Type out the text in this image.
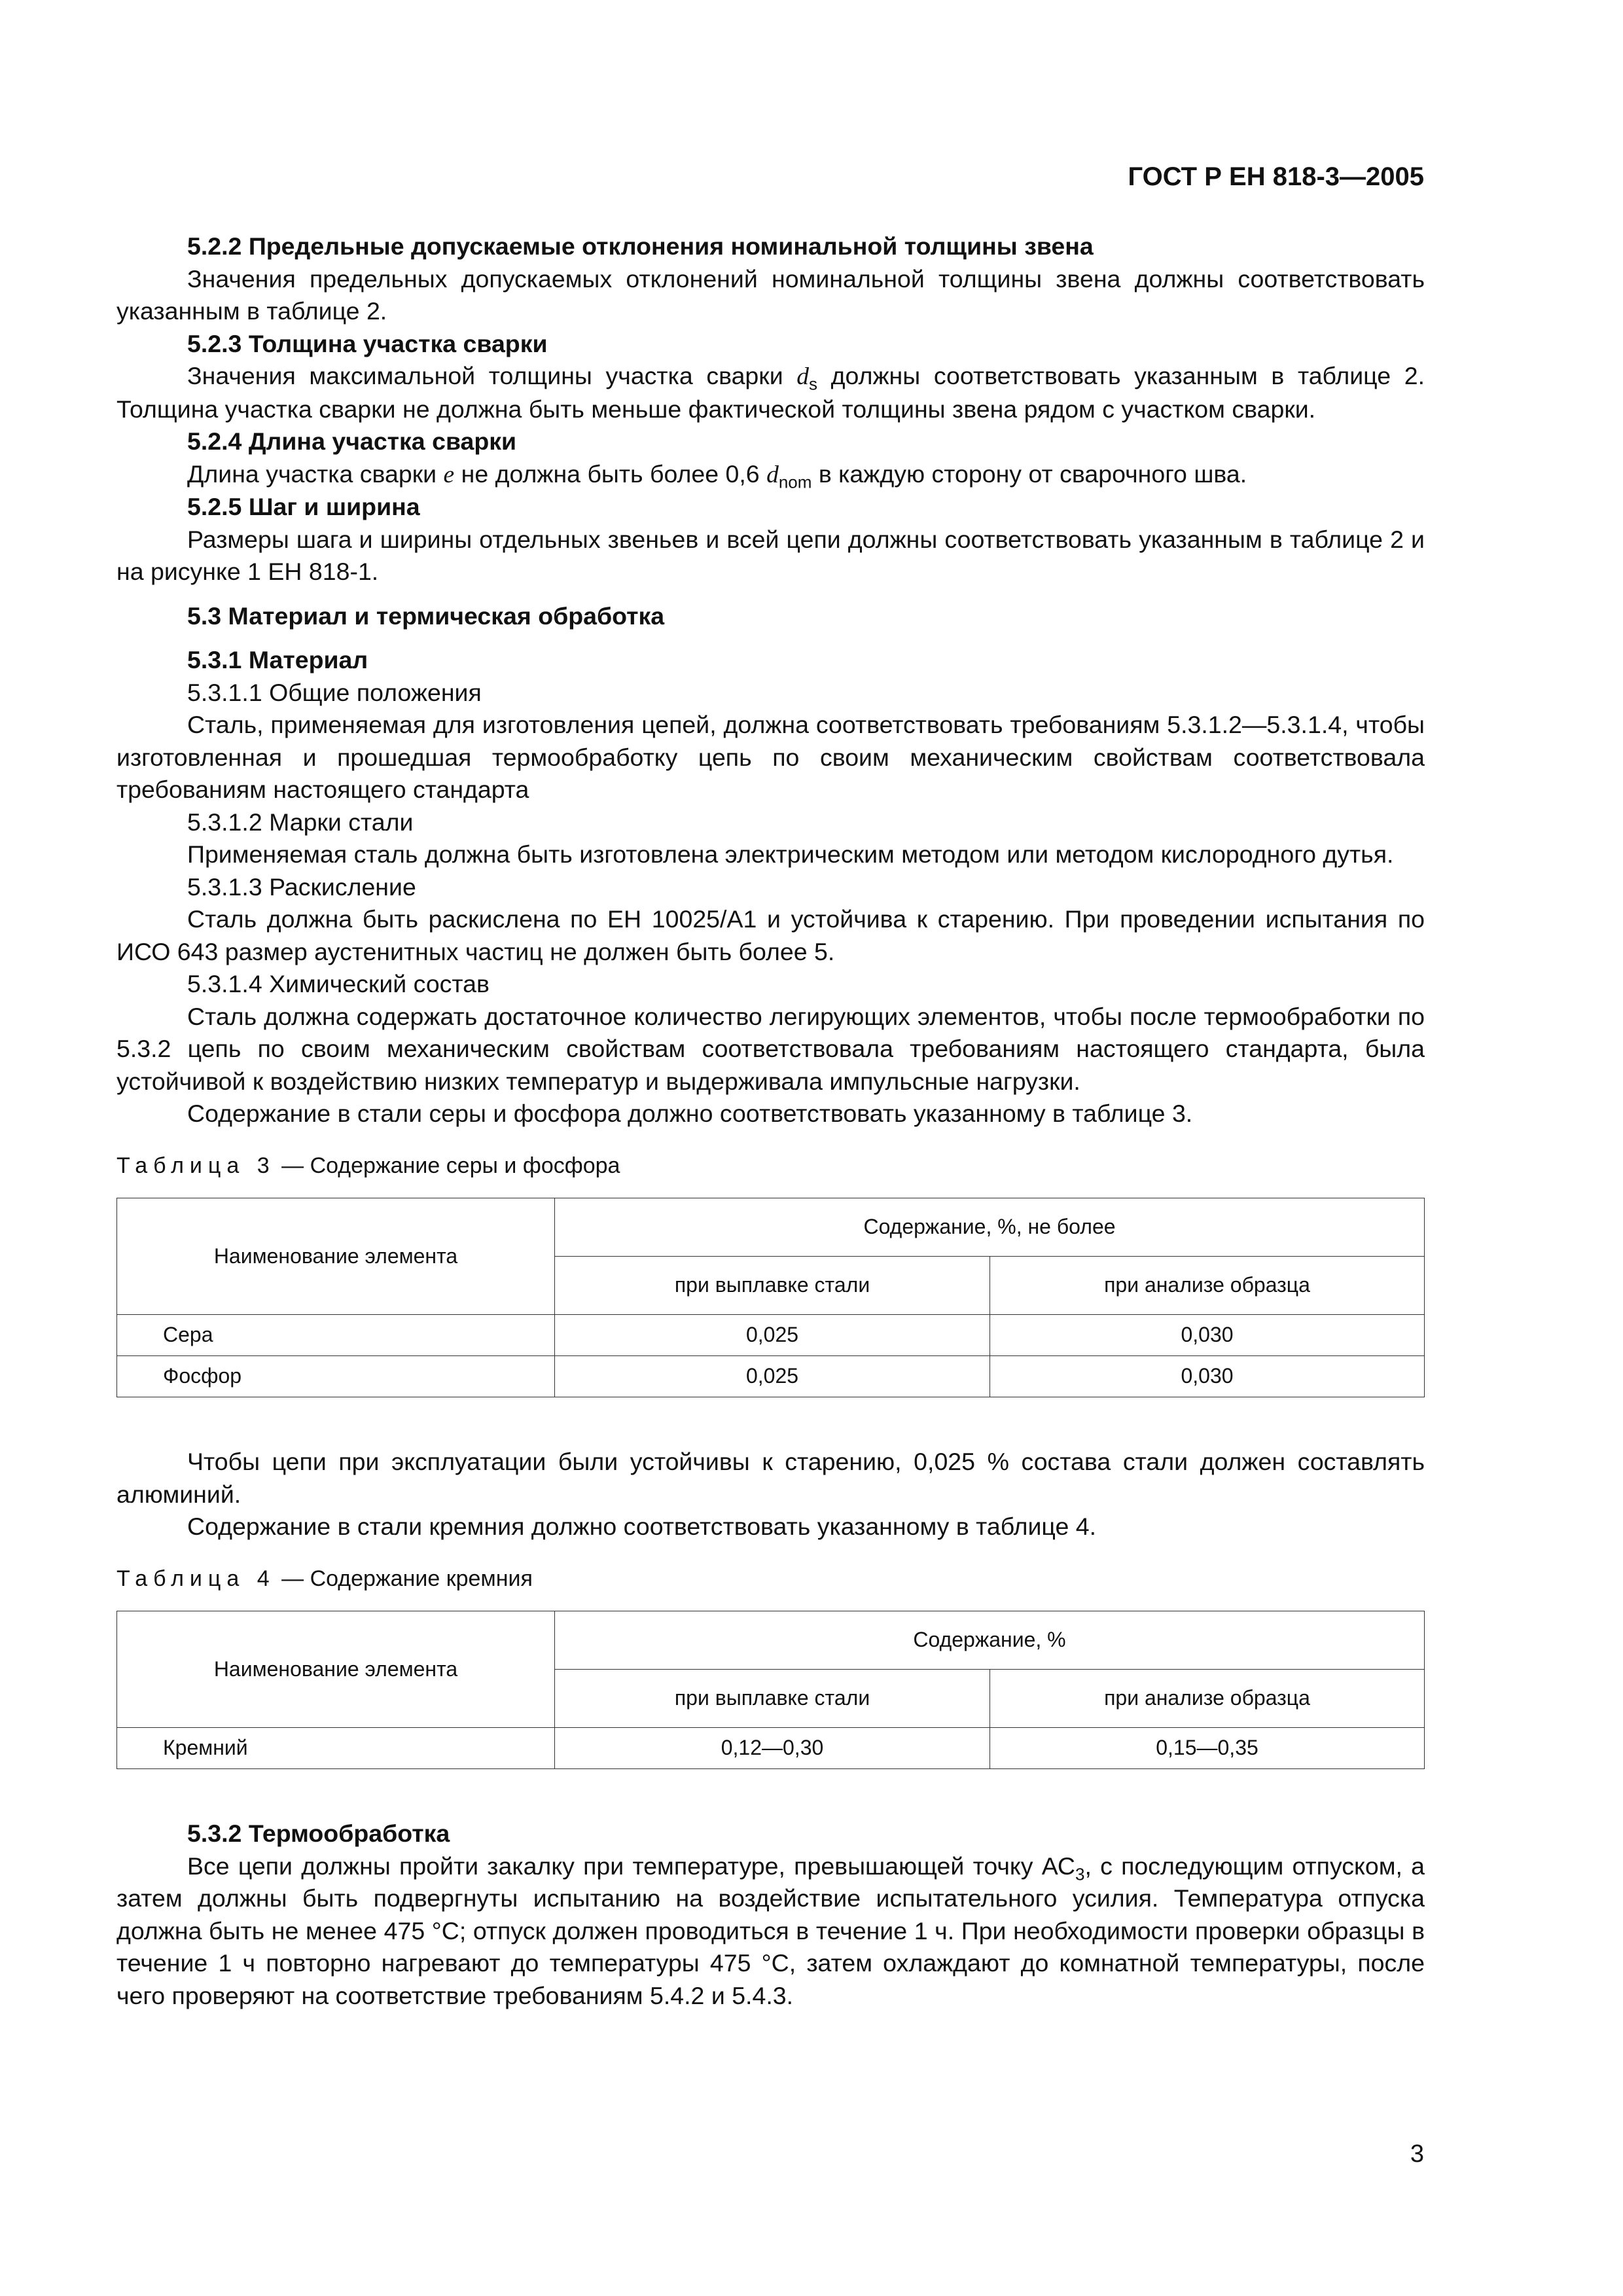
ГОСТ Р ЕН 818-3—2005

5.2.2 Предельные допускаемые отклонения номинальной толщины звена

Значения предельных допускаемых отклонений номинальной толщины звена должны соответствовать указанным в таблице 2.

5.2.3 Толщина участка сварки

Значения максимальной толщины участка сварки $d_s$ должны соответствовать указанным в таблице 2. Толщина участка сварки не должна быть меньше фактической толщины звена рядом с участком сварки.

5.2.4 Длина участка сварки

Длина участка сварки e не должна быть более 0,6 $d_{nom}$ в каждую сторону от сварочного шва.

5.2.5 Шаг и ширина

Размеры шага и ширины отдельных звеньев и всей цепи должны соответствовать указанным в таблице 2 и на рисунке 1 ЕН 818-1.

5.3 Материал и термическая обработка

5.3.1 Материал

5.3.1.1 Общие положения

Сталь, применяемая для изготовления цепей, должна соответствовать требованиям 5.3.1.2—5.3.1.4, чтобы изготовленная и прошедшая термообработку цепь по своим механическим свойствам соответствовала требованиям настоящего стандарта

5.3.1.2 Марки стали

Применяемая сталь должна быть изготовлена электрическим методом или методом кислородного дутья.

5.3.1.3 Раскисление

Сталь должна быть раскислена по ЕН 10025/А1 и устойчива к старению. При проведении испытания по ИСО 643 размер аустенитных частиц не должен быть более 5.

5.3.1.4 Химический состав

Сталь должна содержать достаточное количество легирующих элементов, чтобы после термообработки по 5.3.2 цепь по своим механическим свойствам соответствовала требованиям настоящего стандарта, была устойчивой к воздействию низких температур и выдерживала импульсные нагрузки.

Содержание в стали серы и фосфора должно соответствовать указанному в таблице 3.

Таблица 3 — Содержание серы и фосфора

Наименование элемента	Содержание, %, не более	
	при выплавке стали	при анализе образца
Сера	0,025	0,030
Фосфор	0,025	0,030

Чтобы цепи при эксплуатации были устойчивы к старению, 0,025 % состава стали должен составлять алюминий.

Содержание в стали кремния должно соответствовать указанному в таблице 4.

Таблица 4 — Содержание кремния

Наименование элемента	Содержание, %	
	при выплавке стали	при анализе образца
Кремний	0,12—0,30	0,15—0,35

5.3.2 Термообработка

Все цепи должны пройти закалку при температуре, превышающей точку $АС_3$, с последующим отпуском, а затем должны быть подвергнуты испытанию на воздействие испытательного усилия. Температура отпуска должна быть не менее 475 °С; отпуск должен проводиться в течение 1 ч. При необходимости проверки образцы в течение 1 ч повторно нагревают до температуры 475 °С, затем охлаждают до комнатной температуры, после чего проверяют на соответствие требованиям 5.4.2 и 5.4.3.

3
